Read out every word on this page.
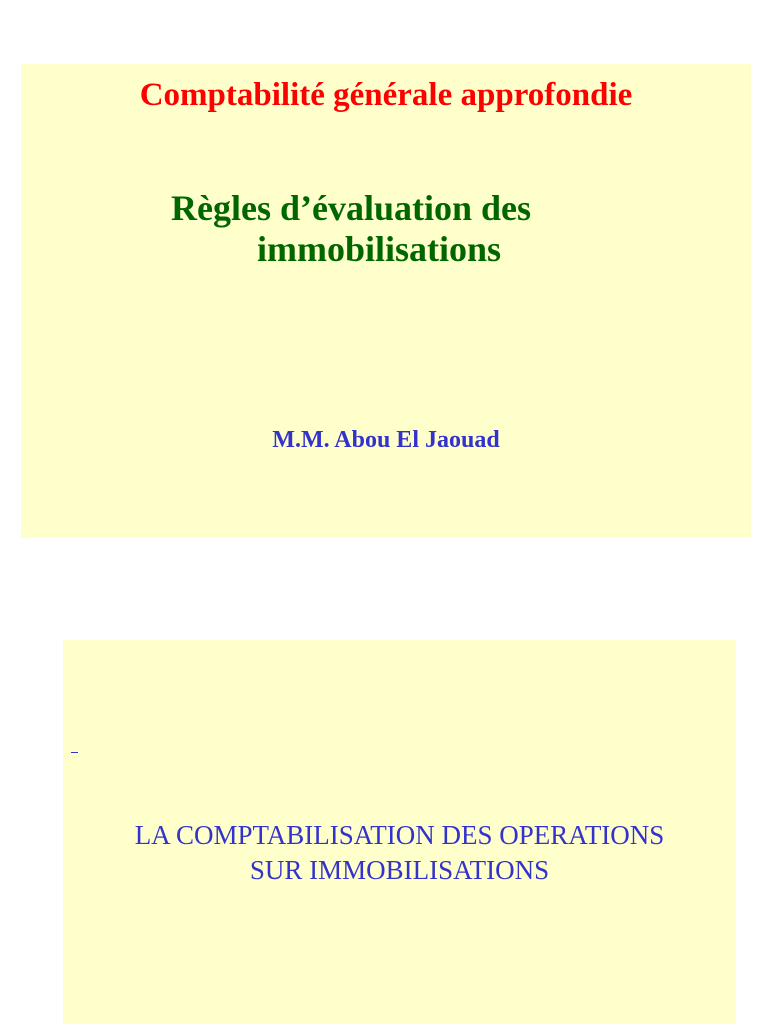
Comptabilité générale approfondie
Règles d’évaluation des
immobilisations
M.M. Abou El Jaouad
LA COMPTABILISATION DES OPERATIONS
SUR IMMOBILISATIONS
